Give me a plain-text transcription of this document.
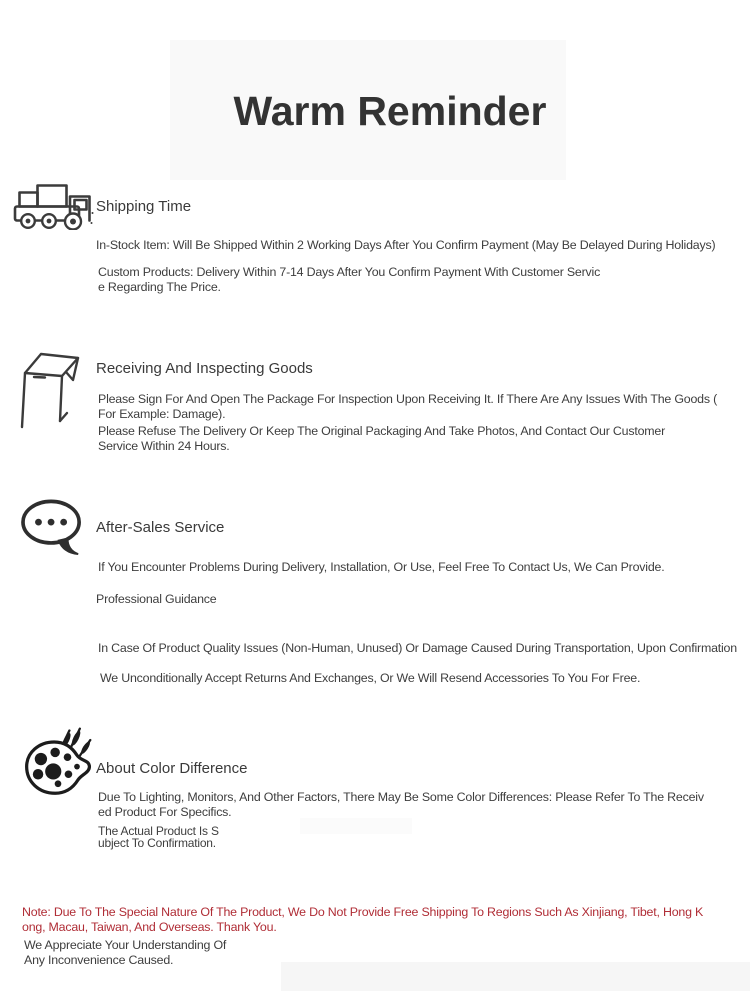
Warm Reminder
Shipping Time
In-Stock Item: Will Be Shipped Within 2 Working Days After You Confirm Payment (May Be Delayed During Holidays)
Custom Products: Delivery Within 7-14 Days After You Confirm Payment With Customer Servic
e Regarding The Price.
Receiving And Inspecting Goods
Please Sign For And Open The Package For Inspection Upon Receiving It. If There Are Any Issues With The Goods (
For Example: Damage).
Please Refuse The Delivery Or Keep The Original Packaging And Take Photos, And Contact Our Customer
Service Within 24 Hours.
After-Sales Service
If You Encounter Problems During Delivery, Installation, Or Use, Feel Free To Contact Us, We Can Provide.
Professional Guidance
In Case Of Product Quality Issues (Non-Human, Unused) Or Damage Caused During Transportation, Upon Confirmation
We Unconditionally Accept Returns And Exchanges, Or We Will Resend Accessories To You For Free.
About Color Difference
Due To Lighting, Monitors, And Other Factors, There May Be Some Color Differences: Please Refer To The Receiv
ed Product For Specifics.
The Actual Product Is S
ubject To Confirmation.
Note: Due To The Special Nature Of The Product, We Do Not Provide Free Shipping To Regions Such As Xinjiang, Tibet, Hong K
ong, Macau, Taiwan, And Overseas. Thank You.
We Appreciate Your Understanding Of
Any Inconvenience Caused.
